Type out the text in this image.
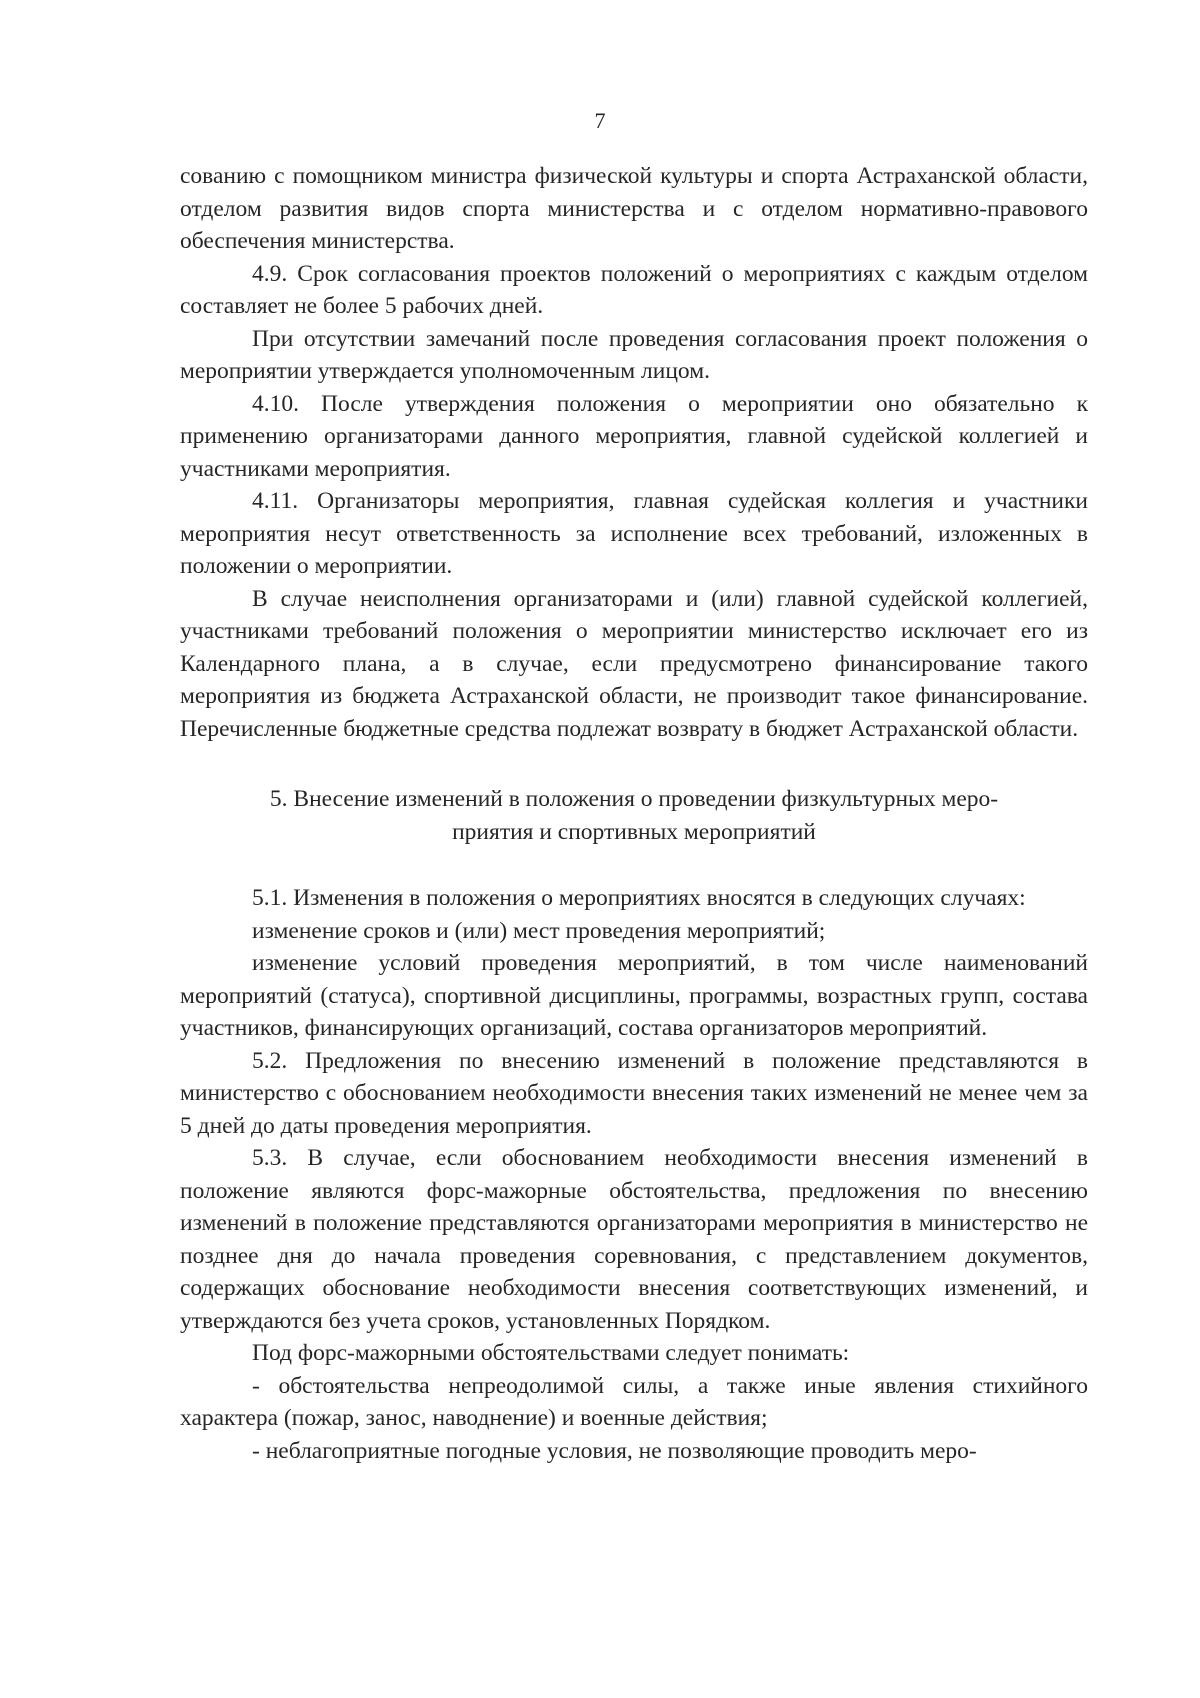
7

сованию с помощником министра физической культуры и спорта Астраханской области, отделом развития видов спорта министерства и с отделом нормативно-правового обеспечения министерства.

4.9. Срок согласования проектов положений о мероприятиях с каждым отделом составляет не более 5 рабочих дней.

При отсутствии замечаний после проведения согласования проект положения о мероприятии утверждается уполномоченным лицом.

4.10. После утверждения положения о мероприятии оно обязательно к применению организаторами данного мероприятия, главной судейской коллегией и участниками мероприятия.

4.11. Организаторы мероприятия, главная судейская коллегия и участники мероприятия несут ответственность за исполнение всех требований, изложенных в положении о мероприятии.

В случае неисполнения организаторами и (или) главной судейской коллегией, участниками требований положения о мероприятии министерство исключает его из Календарного плана, а в случае, если предусмотрено финансирование такого мероприятия из бюджета Астраханской области, не производит такое финансирование. Перечисленные бюджетные средства подлежат возврату в бюджет Астраханской области.

5. Внесение изменений в положения о проведении физкультурных меро-
приятия и спортивных мероприятий

5.1. Изменения в положения о мероприятиях вносятся в следующих случаях:

изменение сроков и (или) мест проведения мероприятий;

изменение условий проведения мероприятий, в том числе наименований мероприятий (статуса), спортивной дисциплины, программы, возрастных групп, состава участников, финансирующих организаций, состава организаторов мероприятий.

5.2. Предложения по внесению изменений в положение представляются в министерство с обоснованием необходимости внесения таких изменений не менее чем за 5 дней до даты проведения мероприятия.

5.3. В случае, если обоснованием необходимости внесения изменений в положение являются форс-мажорные обстоятельства, предложения по внесению изменений в положение представляются организаторами мероприятия в министерство не позднее дня до начала проведения соревнования, с представлением документов, содержащих обоснование необходимости внесения соответствующих изменений, и утверждаются без учета сроков, установленных Порядком.

Под форс-мажорными обстоятельствами следует понимать:

- обстоятельства непреодолимой силы, а также иные явления стихийного характера (пожар, занос, наводнение) и военные действия;

- неблагоприятные погодные условия, не позволяющие проводить меро-
